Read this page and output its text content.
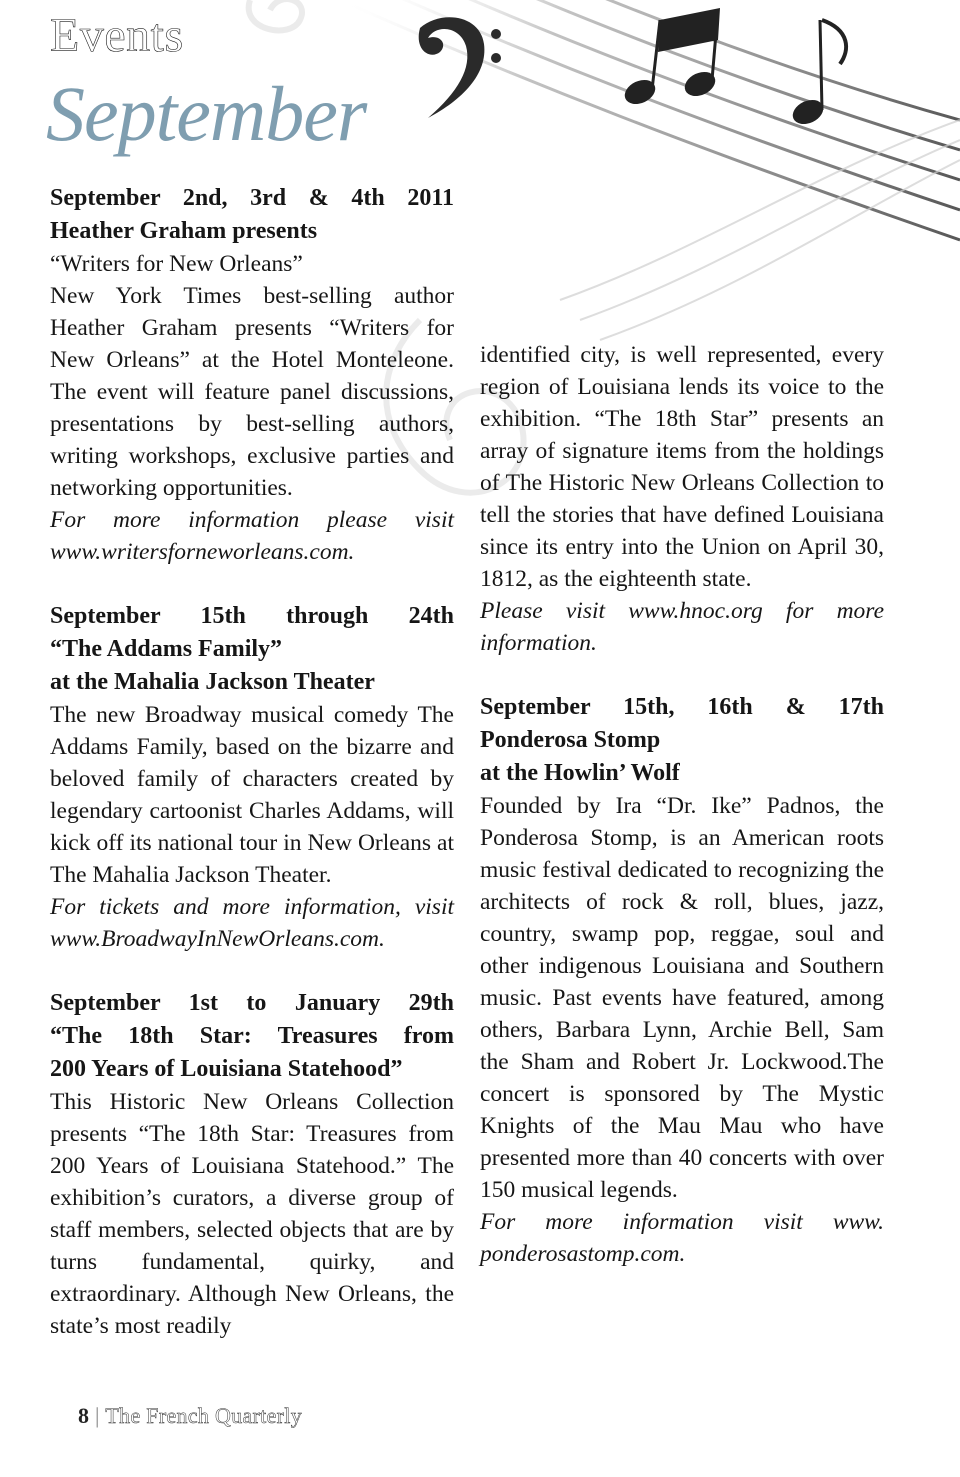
Events
September

September 2nd, 3rd & 4th 2011
Heather Graham presents

“Writers for New Orleans”

New York Times best-selling author Heather Graham presents “Writers for New Orleans” at the Hotel Monteleone. The event will feature panel discussions, presentations by best-selling authors, writing workshops, exclusive parties and networking opportunities.

For more information please visit www.writersforneworleans.com.

September 15th through 24th
“The Addams Family”
at the Mahalia Jackson Theater

The new Broadway musical comedy The Addams Family, based on the bizarre and beloved family of characters created by legendary cartoonist Charles Addams, will kick off its national tour in New Orleans at The Mahalia Jackson Theater.

For tickets and more information, visit www.BroadwayInNewOrleans.com.

September 1st to January 29th
“The 18th Star: Treasures from
200 Years of Louisiana Statehood”

This Historic New Orleans Collection presents “The 18th Star: Treasures from 200 Years of Louisiana Statehood.” The exhibition’s curators, a diverse group of staff members, selected objects that are by turns fundamental, quirky, and extraordinary. Although New Orleans, the state’s most readily

identified city, is well represented, every region of Louisiana lends its voice to the exhibition. “The 18th Star” presents an array of signature items from the holdings of The Historic New Orleans Collection to tell the stories that have defined Louisiana since its entry into the Union on April 30, 1812, as the eighteenth state.

Please visit www.hnoc.org for more information.

September 15th, 16th & 17th
Ponderosa Stomp
at the Howlin’ Wolf

Founded by Ira “Dr. Ike” Padnos, the Ponderosa Stomp, is an American roots music festival dedicated to recognizing the architects of rock & roll, blues, jazz, country, swamp pop, reggae, soul and other indigenous Louisiana and Southern music. Past events have featured, among others, Barbara Lynn, Archie Bell, Sam the Sham and Robert Jr. Lockwood.The concert is sponsored by The Mystic Knights of the Mau Mau who have presented more than 40 concerts with over 150 musical legends.

For more information visit www. ponderosastomp.com.

8 | The French Quarterly
